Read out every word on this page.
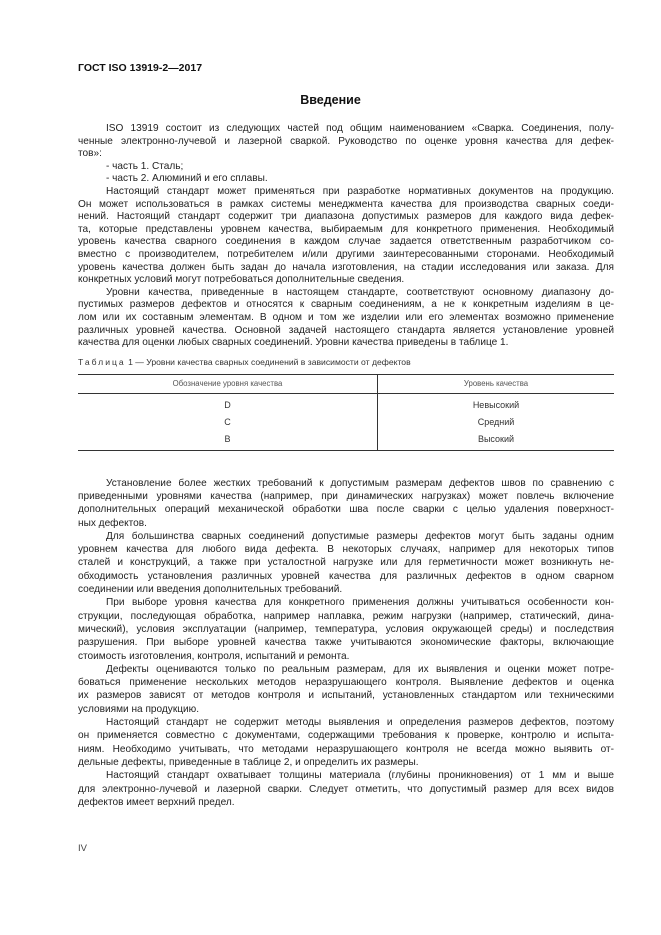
ГОСТ ISO 13919-2—2017
Введение
ISO 13919 состоит из следующих частей под общим наименованием «Сварка. Соединения, полу-
ченные электронно-лучевой и лазерной сваркой. Руководство по оценке уровня качества для дефек-
тов»:
- часть 1. Сталь;
- часть 2. Алюминий и его сплавы.
Настоящий стандарт может применяться при разработке нормативных документов на продукцию.
Он может использоваться в рамках системы менеджмента качества для производства сварных соеди-
нений. Настоящий стандарт содержит три диапазона допустимых размеров для каждого вида дефек-
та, которые представлены уровнем качества, выбираемым для конкретного применения. Необходимый
уровень качества сварного соединения в каждом случае задается ответственным разработчиком со-
вместно с производителем, потребителем и/или другими заинтересованными сторонами. Необходимый
уровень качества должен быть задан до начала изготовления, на стадии исследования или заказа. Для
конкретных условий могут потребоваться дополнительные сведения.
Уровни качества, приведенные в настоящем стандарте, соответствуют основному диапазону до-
пустимых размеров дефектов и относятся к сварным соединениям, а не к конкретным изделиям в це-
лом или их составным элементам. В одном и том же изделии или его элементах возможно применение
различных уровней качества. Основной задачей настоящего стандарта является установление уровней
качества для оценки любых сварных соединений. Уровни качества приведены в таблице 1.
Таблица 1 — Уровни качества сварных соединений в зависимости от дефектов
Обозначение уровня качества	Уровень качества
D	Невысокий
C	Средний
B	Высокий
Установление более жестких требований к допустимым размерам дефектов швов по сравнению с
приведенными уровнями качества (например, при динамических нагрузках) может повлечь включение
дополнительных операций механической обработки шва после сварки с целью удаления поверхност-
ных дефектов.
Для большинства сварных соединений допустимые размеры дефектов могут быть заданы одним
уровнем качества для любого вида дефекта. В некоторых случаях, например для некоторых типов
сталей и конструкций, а также при усталостной нагрузке или для герметичности может возникнуть не-
обходимость установления различных уровней качества для различных дефектов в одном сварном
соединении или введения дополнительных требований.
При выборе уровня качества для конкретного применения должны учитываться особенности кон-
струкции, последующая обработка, например наплавка, режим нагрузки (например, статический, дина-
мический), условия эксплуатации (например, температура, условия окружающей среды) и последствия
разрушения. При выборе уровней качества также учитываются экономические факторы, включающие
стоимость изготовления, контроля, испытаний и ремонта.
Дефекты оцениваются только по реальным размерам, для их выявления и оценки может потре-
боваться применение нескольких методов неразрушающего контроля. Выявление дефектов и оценка
их размеров зависят от методов контроля и испытаний, установленных стандартом или техническими
условиями на продукцию.
Настоящий стандарт не содержит методы выявления и определения размеров дефектов, поэтому
он применяется совместно с документами, содержащими требования к проверке, контролю и испыта-
ниям. Необходимо учитывать, что методами неразрушающего контроля не всегда можно выявить от-
дельные дефекты, приведенные в таблице 2, и определить их размеры.
Настоящий стандарт охватывает толщины материала (глубины проникновения) от 1 мм и выше
для электронно-лучевой и лазерной сварки. Следует отметить, что допустимый размер для всех видов
дефектов имеет верхний предел.
IV
